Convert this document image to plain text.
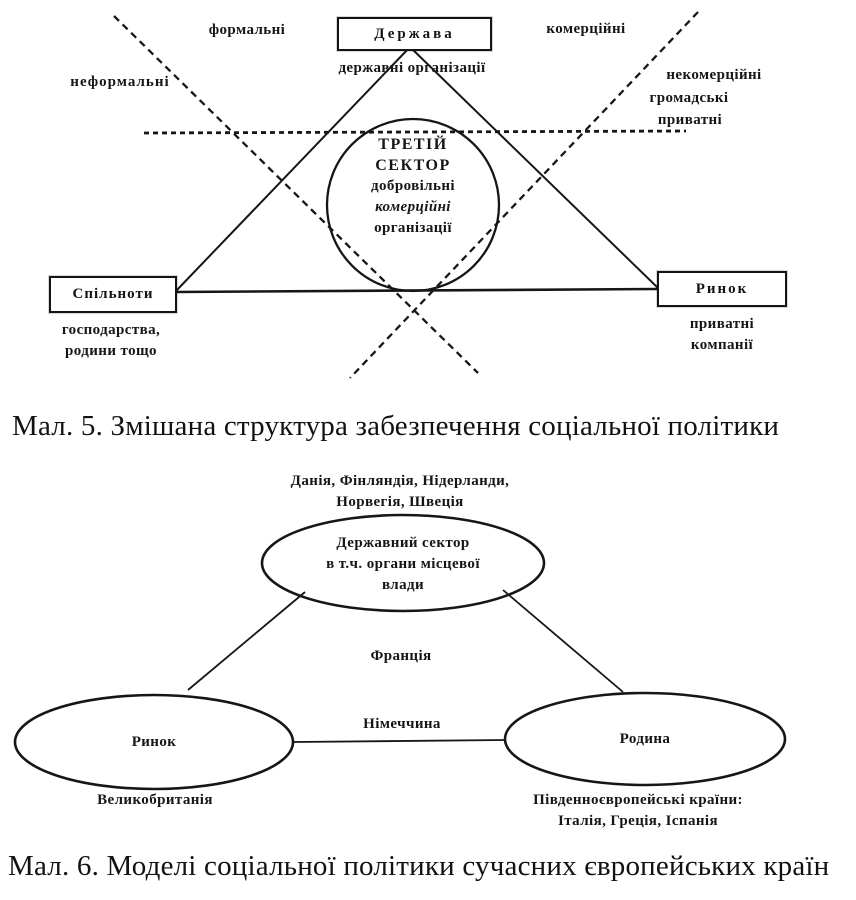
Держава
Спільноти	Ринок
формальні
неформальні
комерційні
некомерційні
громадські
приватні
державні організації
ТРЕТІЙ
СЕКТОР
добровільні
комерційні
організації
господарства,
родини тощо
приватні
компанії
Мал. 5. Змішана структура забезпечення соціальної політики
Данія, Фінляндія, Нідерланди,
Норвегія, Швеція
Державний сектор
в т.ч. органи місцевої
влади
Франція
Німеччина
Ринок	Родина
Великобританія	Південноєвропейські країни:
Італія, Греція, Іспанія
Мал. 6. Моделі соціальної політики сучасних європейських країн
